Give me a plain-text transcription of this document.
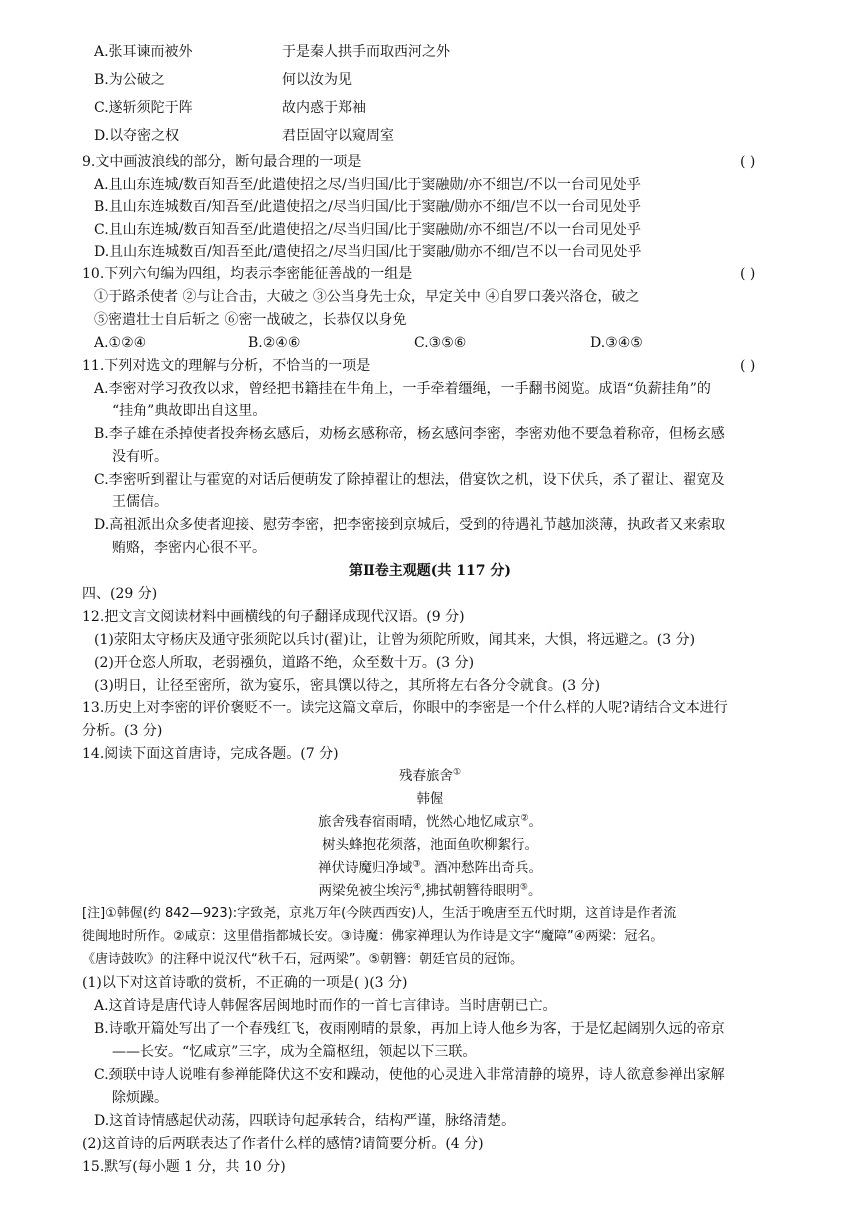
A.张耳谏而被外	于是秦人拱手而取西河之外
B.为公破之	何以汝为见
C.遂斩须陀于阵	故内惑于郑袖
D.以夺密之权	君臣固守以窥周室
9.文中画波浪线的部分，断句最合理的一项是	( )
A.且山东连城/数百知吾至/此遣使招之尽/当归国/比于窦融勋/亦不细岂/不以一台司见处乎
B.且山东连城数百/知吾至/此遣使招之/尽当归国/比于窦融/勋亦不细/岂不以一台司见处乎
C.且山东连城/数百知吾至/此遣使招之/尽当归国/比于窦融勋/亦不细岂/不以一台司见处乎
D.且山东连城数百/知吾至此/遣使招之/尽当归国/比于窦融/勋亦不细/岂不以一台司见处乎
10.下列六句编为四组，均表示李密能征善战的一组是	( )
①于路杀使者 ②与让合击，大破之 ③公当身先士众，早定关中 ④自罗口袭兴洛仓，破之
⑤密遣壮士自后斩之 ⑥密一战破之，长恭仅以身免
A.①②④	B.②④⑥	C.③⑤⑥	D.③④⑤
11.下列对选文的理解与分析，不恰当的一项是	( )
A.李密对学习孜孜以求，曾经把书籍挂在牛角上，一手牵着缰绳，一手翻书阅览。成语“负薪挂角”的
“挂角”典故即出自这里。
B.李子雄在杀掉使者投奔杨玄感后，劝杨玄感称帝，杨玄感问李密，李密劝他不要急着称帝，但杨玄感
没有听。
C.李密听到翟让与霍宽的对话后便萌发了除掉翟让的想法，借宴饮之机，设下伏兵，杀了翟让、翟宽及
王儒信。
D.高祖派出众多使者迎接、慰劳李密，把李密接到京城后，受到的待遇礼节越加淡薄，执政者又来索取
贿赂，李密内心很不平。
第Ⅱ卷主观题(共 117 分)
四、(29 分)
12.把文言文阅读材料中画横线的句子翻译成现代汉语。(9 分)
(1)荥阳太守杨庆及通守张须陀以兵讨(翟)让，让曾为须陀所败，闻其来，大惧，将远避之。(3 分)
(2)开仓恣人所取，老弱襁负，道路不绝，众至数十万。(3 分)
(3)明日，让径至密所，欲为宴乐，密具馔以待之，其所将左右各分令就食。(3 分)
13.历史上对李密的评价褒贬不一。读完这篇文章后，你眼中的李密是一个什么样的人呢?请结合文本进行
分析。(3 分)
14.阅读下面这首唐诗，完成各题。(7 分)
残春旅舍①
韩偓
旅舍残春宿雨晴，恍然心地忆咸京②。
树头蜂抱花须落，池面鱼吹柳絮行。
禅伏诗魔归净域③。酒冲愁阵出奇兵。
两梁免被尘埃污④,拂拭朝簪待眼明⑤。
[注]①韩偓(约 842—923):字致尧，京兆万年(今陕西西安)人，生活于晚唐至五代时期，这首诗是作者流
徙闽地时所作。②咸京：这里借指都城长安。③诗魔：佛家禅理认为作诗是文字“魔障”④两梁：冠名。
《唐诗鼓吹》的注释中说汉代“秋千石，冠两梁”。⑤朝簪：朝廷官员的冠饰。
(1)以下对这首诗歌的赏析，不正确的一项是( )(3 分)
A.这首诗是唐代诗人韩偓客居闽地时而作的一首七言律诗。当时唐朝已亡。
B.诗歌开篇处写出了一个春残红飞，夜雨刚晴的景象，再加上诗人他乡为客，于是忆起阔别久远的帝京
——长安。“忆咸京”三字，成为全篇枢纽，领起以下三联。
C.颈联中诗人说唯有参禅能降伏这不安和躁动，使他的心灵进入非常清静的境界，诗人欲意参禅出家解
除烦躁。
D.这首诗情感起伏动荡，四联诗句起承转合，结构严谨，脉络清楚。
(2)这首诗的后两联表达了作者什么样的感情?请简要分析。(4 分)
15.默写(每小题 1 分，共 10 分)
